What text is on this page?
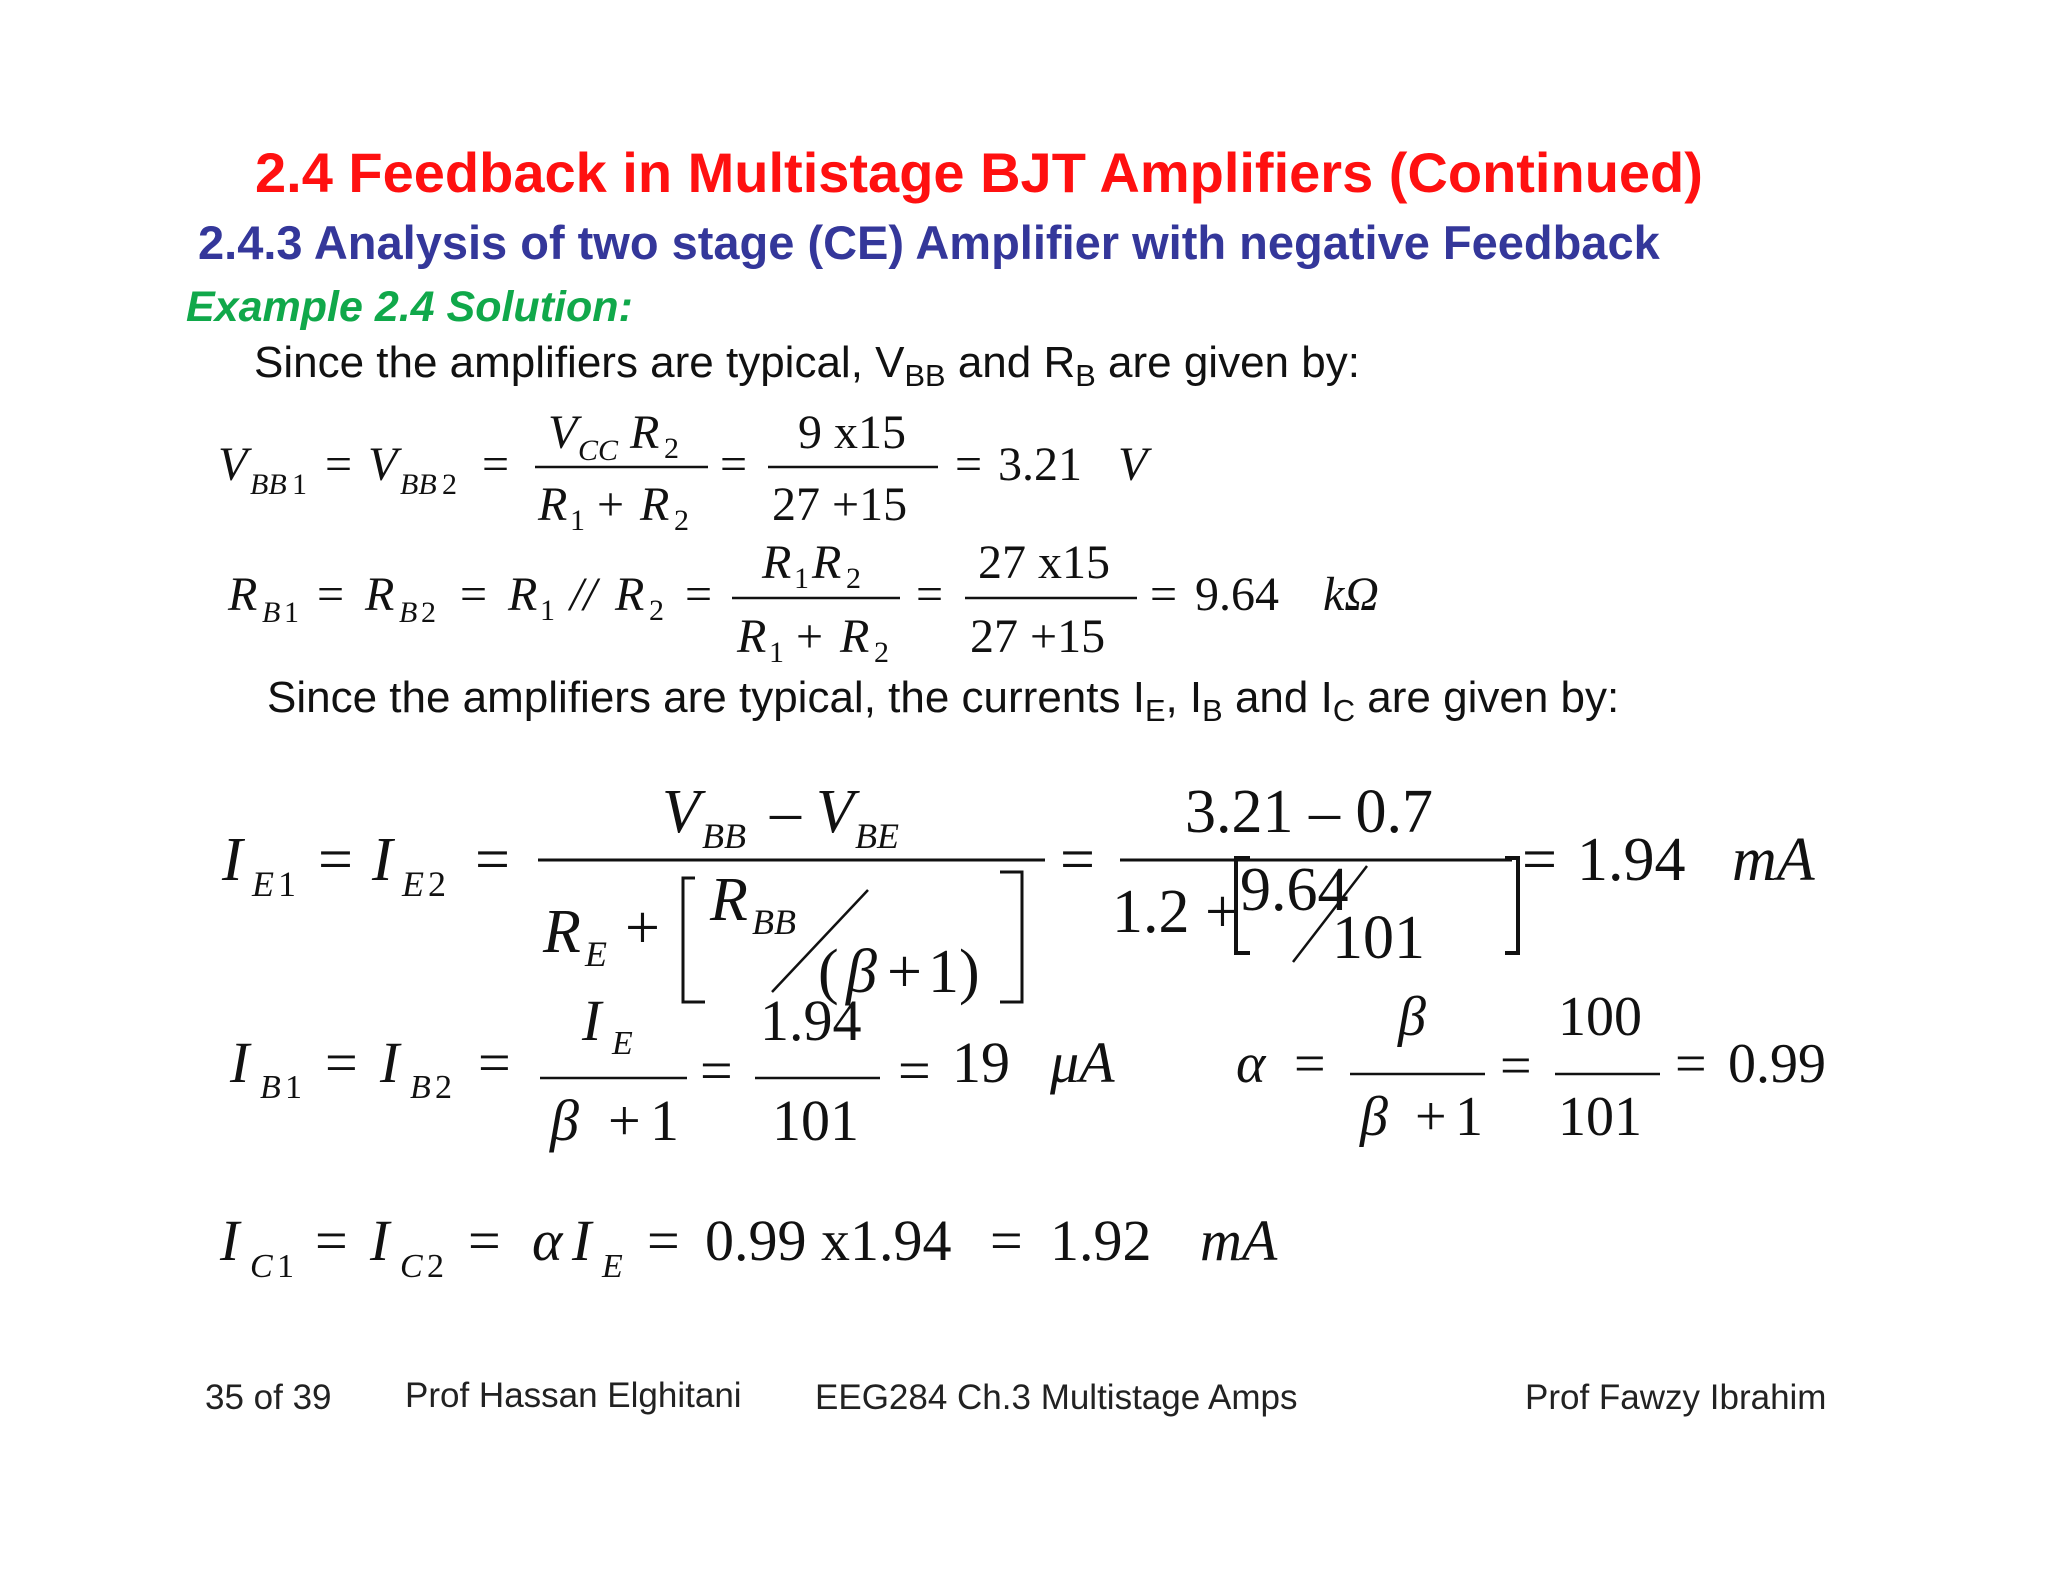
2.4 Feedback in Multistage BJT Amplifiers (Continued)
2.4.3 Analysis of two stage (CE) Amplifier with negative Feedback
Example 2.4 Solution:
Since the amplifiers are typical, $V_{BB}$ and $R_B$ are given by:
Since the amplifiers are typical, the currents $I_E$, $I_B$ and $I_C$ are given by:
V BB 1 = V BB 2 =
V CC R 2
R 1 + R 2
=
9 x15
27 +15
= 3.21 V
R B 1 = R B 2 = R 1 // R 2 =
R 1 R 2
R 1 + R 2
=
27 x15
27 +15
= 9.64 kΩ
I E 1 = I E 2 =
V BB – V BE
R E + R BB
( β + 1)
=
3.21 – 0.7
1.2 + 9.64
101
= 1.94 mA
I B 1 = I B 2 =
I E
β + 1
=
1.94
101
= 19 μA α =
β
β + 1
=
100
101
= 0.99
I C 1 = I C 2 = α I E = 0.99 x1.94 = 1.92 mA
35 of 39 Prof Hassan Elghitani EEG284 Ch.3 Multistage Amps	Prof Fawzy Ibrahim
